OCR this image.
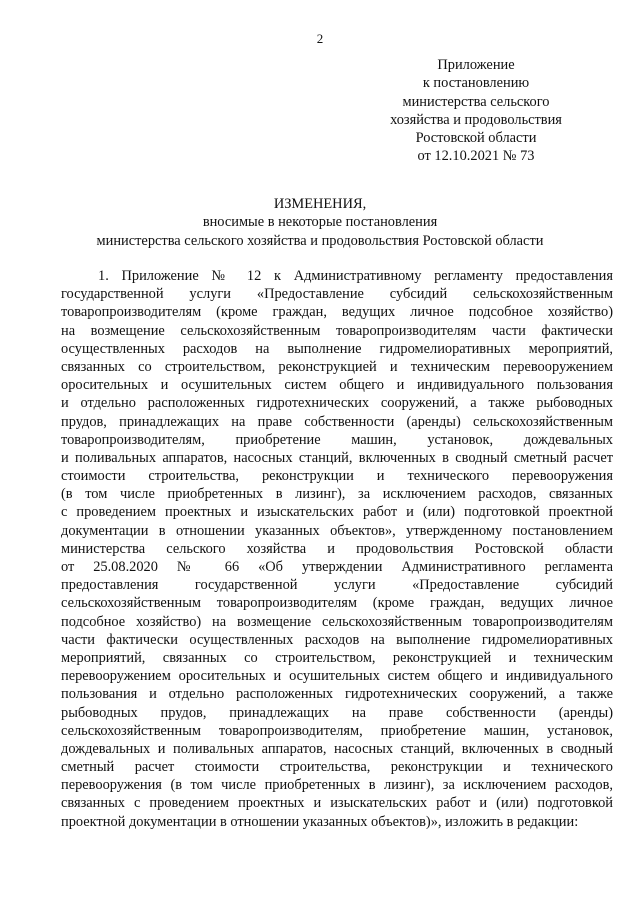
2
Приложение
к постановлению
министерства сельского
хозяйства и продовольствия
Ростовской области
от 12.10.2021 № 73
ИЗМЕНЕНИЯ,
вносимые в некоторые постановления
министерства сельского хозяйства и продовольствия Ростовской области
1. Приложение № 12 к Административному регламенту предоставления
государственной услуги «Предоставление субсидий сельскохозяйственным
товаропроизводителям (кроме граждан, ведущих личное подсобное хозяйство)
на возмещение сельскохозяйственным товаропроизводителям части фактически
осуществленных расходов на выполнение гидромелиоративных мероприятий,
связанных со строительством, реконструкцией и техническим перевооружением
оросительных и осушительных систем общего и индивидуального пользования
и отдельно расположенных гидротехнических сооружений, а также рыбоводных
прудов, принадлежащих на праве собственности (аренды) сельскохозяйственным
товаропроизводителям, приобретение машин, установок, дождевальных
и поливальных аппаратов, насосных станций, включенных в сводный сметный расчет
стоимости строительства, реконструкции и технического перевооружения
(в том числе приобретенных в лизинг), за исключением расходов, связанных
с проведением проектных и изыскательских работ и (или) подготовкой проектной
документации в отношении указанных объектов», утвержденному постановлением
министерства сельского хозяйства и продовольствия Ростовской области
от 25.08.2020 № 66 «Об утверждении Административного регламента
предоставления государственной услуги «Предоставление субсидий
сельскохозяйственным товаропроизводителям (кроме граждан, ведущих личное
подсобное хозяйство) на возмещение сельскохозяйственным товаропроизводителям
части фактически осуществленных расходов на выполнение гидромелиоративных
мероприятий, связанных со строительством, реконструкцией и техническим
перевооружением оросительных и осушительных систем общего и индивидуального
пользования и отдельно расположенных гидротехнических сооружений, а также
рыбоводных прудов, принадлежащих на праве собственности (аренды)
сельскохозяйственным товаропроизводителям, приобретение машин, установок,
дождевальных и поливальных аппаратов, насосных станций, включенных в сводный
сметный расчет стоимости строительства, реконструкции и технического
перевооружения (в том числе приобретенных в лизинг), за исключением расходов,
связанных с проведением проектных и изыскательских работ и (или) подготовкой
проектной документации в отношении указанных объектов)», изложить в редакции:
